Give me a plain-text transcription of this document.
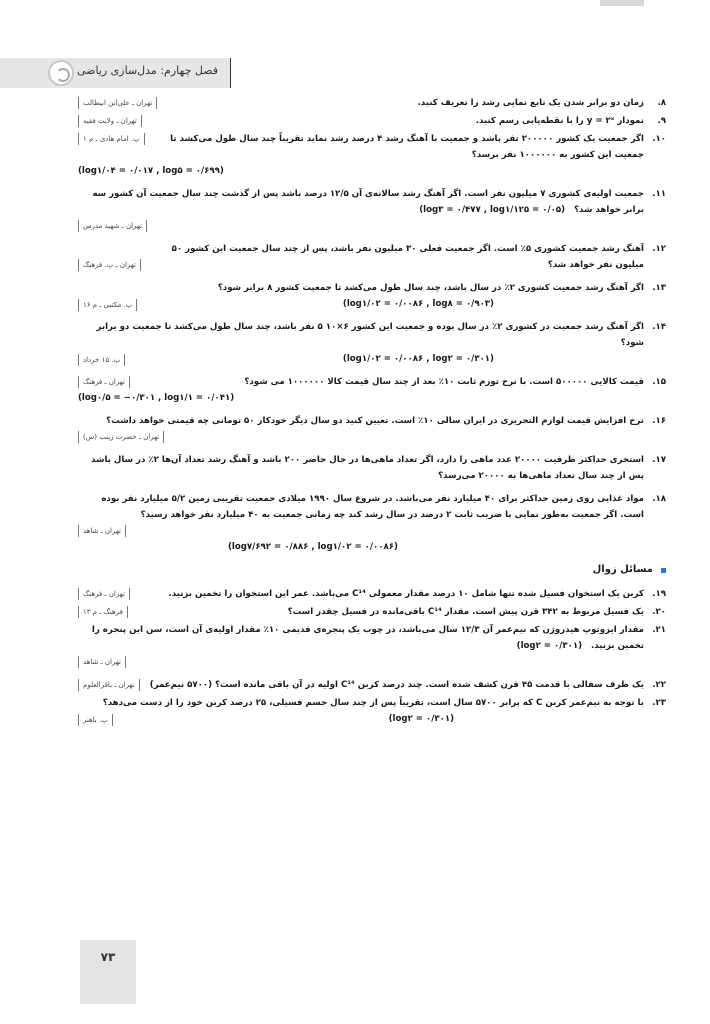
فصل چهارم: مدل‌سازی ریاضی
۸.
تهران ـ علی‌ابن ابیطالب	زمان دو برابر شدن یک تابع نمایی رشد را تعریف کنید.
۹.
تهران ـ ولایت فقیه	نمودار y = ۲ˣ را با نقطه‌یابی رسم کنید.
۱۰.
پ. امام هادی ـ م ۱	اگر جمعیت یک کشور ۲۰۰۰۰۰ نفر باشد و جمعیت با آهنگ رشد ۴ درصد رشد نماید تقریباً چند سال طول می‌کشد تا جمعیت این کشور به ۱۰۰۰۰۰۰ نفر برسد؟
(log۱/۰۴ = ۰/۰۱۷ , log۵ = ۰/۶۹۹)
۱۱.
جمعیت اولیه‌ی کشوری ۷ میلیون نفر است. اگر آهنگ رشد سالانه‌ی آن ۱۲/۵ درصد باشد پس از گذشت چند سال جمعیت آن کشور سه برابر خواهد شد؟ (log۳ = ۰/۴۷۷ , log۱/۱۲۵ = ۰/۰۵)
تهران ـ شهید مدرس
۱۲.
تهران ـ پ. فرهنگ
آهنگ رشد جمعیت کشوری ۵٪ است. اگر جمعیت فعلی ۳۰ میلیون نفر باشد، پس از چند سال جمعیت این کشور ۵۰ میلیون نفر خواهد شد؟
۱۳.
اگر آهنگ رشد جمعیت کشوری ۲٪ در سال باشد، چند سال طول می‌کشد تا جمعیت کشور ۸ برابر شود؟
(log۱/۰۲ = ۰/۰۰۸۶ , log۸ = ۰/۹۰۳)
پ. مکتبی ـ م ۱۶
۱۴.
اگر آهنگ رشد جمعیت در کشوری ۲٪ در سال بوده و جمعیت این کشور ۶‏×۱۰‏ ۵ نفر باشد، چند سال طول می‌کشد تا جمعیت دو برابر شود؟
(log۱/۰۲ = ۰/۰۰۸۶ , log۲ = ۰/۳۰۱)
پ. ۱۵ خرداد
۱۵.
تهران ـ فرهنگ	قیمت کالایی ۵۰۰۰۰۰ است. با نرخ تورم ثابت ۱۰٪ بعد از چند سال قیمت کالا ۱۰۰۰۰۰۰ می شود؟
(log۰/۵ = −۰/۳۰۱ , log۱/۱ = ۰/۰۴۱)
۱۶.
نرخ افزایش قیمت لوازم التحریری در ایران سالی ۱۰٪ است. تعیین کنید دو سال دیگر خودکار ۵۰ تومانی چه قیمتی خواهد داشت؟
تهران ـ حضرت زینب (س)
۱۷.
استخری حداکثر ظرفیت ۲۰۰۰۰ عدد ماهی را دارد، اگر تعداد ماهی‌ها در حال حاضر ۲۰۰ باشد و آهنگ رشد تعداد آن‌ها ۲٪ در سال باشد پس از چند سال تعداد ماهی‌ها به ۲۰۰۰۰ می‌رسد؟
۱۸.
مواد غذایی روی زمین حداکثر برای ۴۰ میلیارد نفر می‌باشد. در شروع سال ۱۹۹۰ میلادی جمعیت تقریبی زمین ۵/۲ میلیارد نفر بوده است. اگر جمعیت به‌طور نمایی با ضریب ثابت ۲ درصد در سال رشد کند چه زمانی جمعیت به ۴۰ میلیارد نفر خواهد رسید؟
تهران ـ شاهد
(log۷/۶۹۲ = ۰/۸۸۶ , log۱/۰۲ = ۰/۰۰۸۶)
مسائل زوال
۱۹.
تهران ـ فرهنگ	کربن یک استخوان فسیل شده تنها شامل ۱۰ درصد مقدار معمولی C¹⁴ می‌باشد. عمر این استخوان را تخمین بزنید.
۲۰.
فرهنگ ـ م ۱۳	یک فسیل مربوط به ۳۴۲ قرن پیش است. مقدار C¹⁴ باقی‌مانده در فسیل چقدر است؟
۲۱.
مقدار ایزوتوپ هیدروژن که نیم‌عمر آن ۱۲/۳ سال می‌باشد، در چوب یک پنجره‌ی قدیمی ۱۰٪ مقدار اولیه‌ی آن است، سن این پنجره را تخمین بزنید. (log۲ = ۰/۳۰۱)
تهران ـ شاهد
۲۲.
تهران ـ باقرالعلوم	یک ظرف سفالی با قدمت ۴۵ قرن کشف شده است. چند درصد کربن C¹⁴ اولیه در آن باقی مانده است؟ (۵۷۰۰ نیم‌عمر)
۲۳.
با توجه به نیم‌عمر کربن C که برابر ۵۷۰۰ سال است، تقریباً پس از چند سال جسم فسیلی، ۲۵ درصد کربن خود را از دست می‌دهد؟
(log۲ = ۰/۳۰۱)
پ. باهنر
۷۳
